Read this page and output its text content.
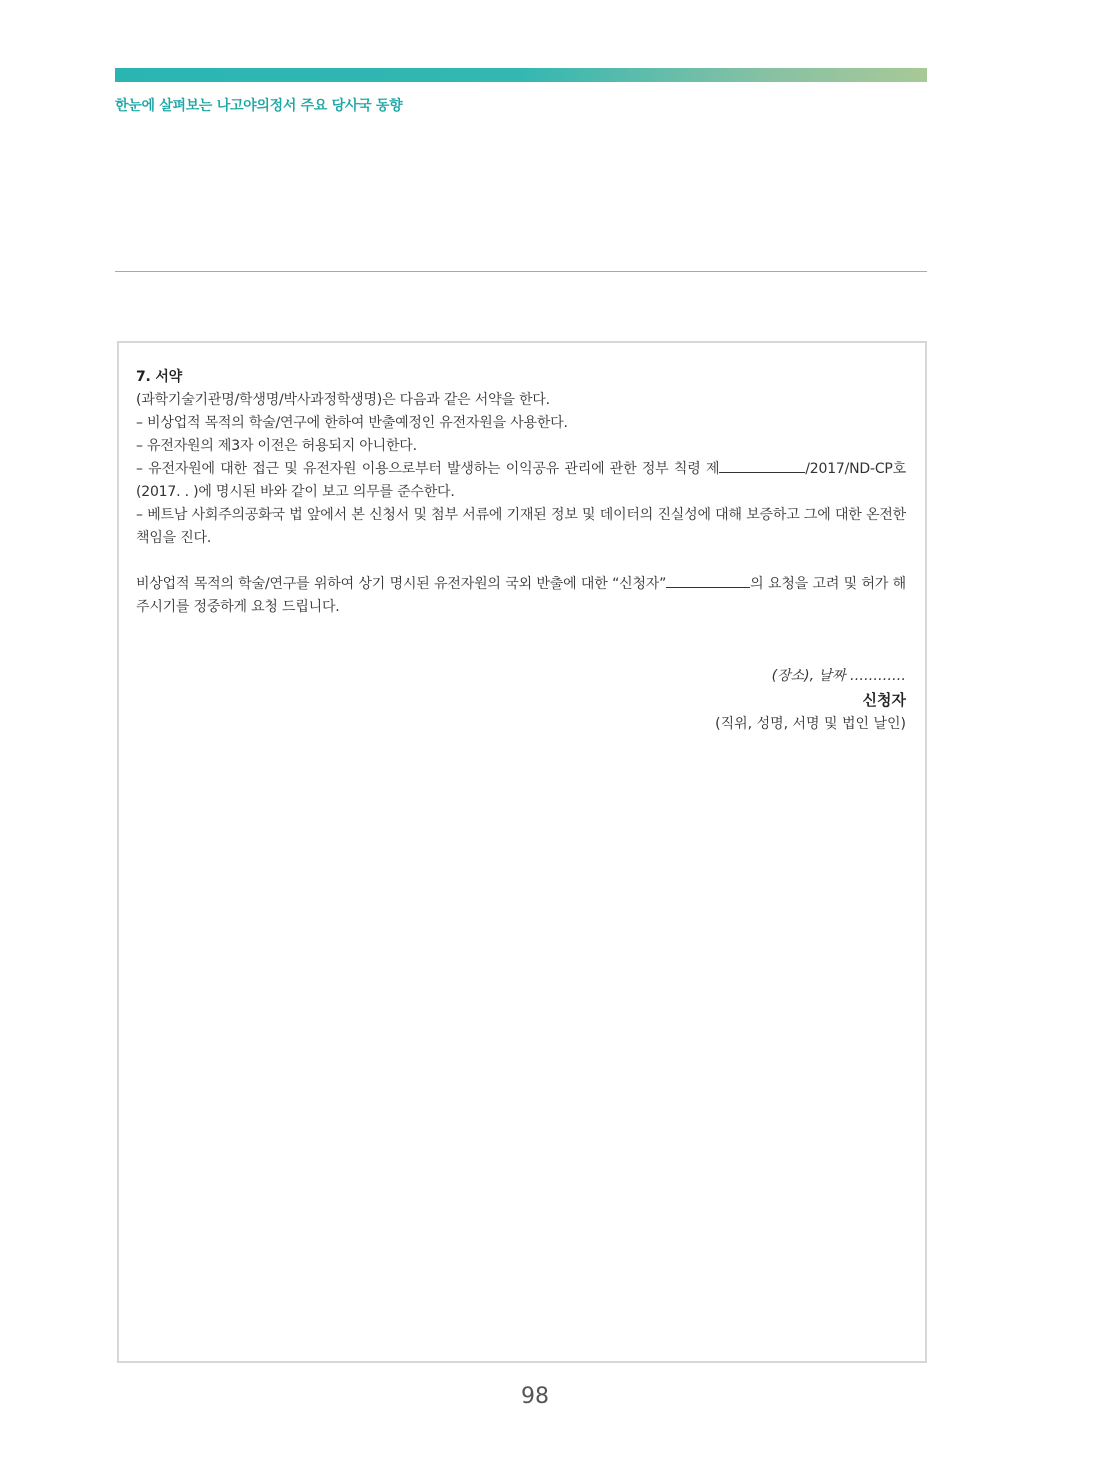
한눈에 살펴보는 나고야의정서 주요 당사국 동향
7. 서약
(과학기술기관명/학생명/박사과정학생명)은 다음과 같은 서약을 한다.
– 비상업적 목적의 학술/연구에 한하여 반출예정인 유전자원을 사용한다.
– 유전자원의 제3자 이전은 허용되지 아니한다.
– 유전자원에 대한 접근 및 유전자원 이용으로부터 발생하는 이익공유 관리에 관한 정부 칙령 제	/2017/ND-CP호(2017. . )에 명시된 바와 같이 보고 의무를 준수한다.
– 베트남 사회주의공화국 법 앞에서 본 신청서 및 첨부 서류에 기재된 정보 및 데이터의 진실성에 대해 보증하고 그에 대한 온전한 책임을 진다.
비상업적 목적의 학술/연구를 위하여 상기 명시된 유전자원의 국외 반출에 대한 “신청자”	의 요청을 고려 및 허가 해 주시기를 정중하게 요청 드립니다.
(장소), 날짜 …………
신청자
(직위, 성명, 서명 및 법인 날인)
98
